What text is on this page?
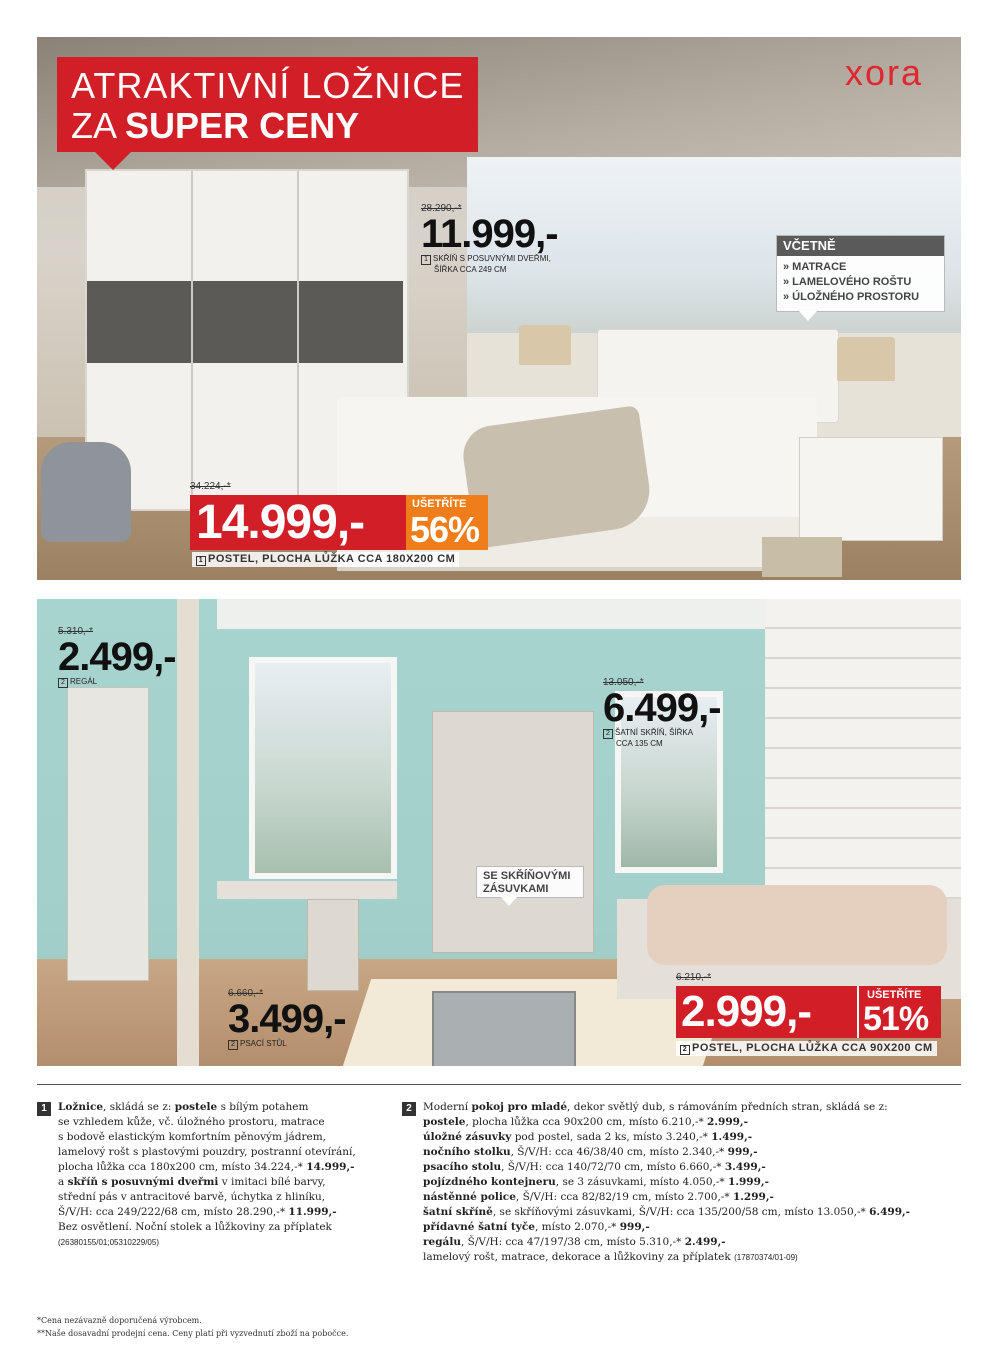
ATRAKTIVNÍ LOŽNICE
ZA SUPER CENY
xora
28.290,-*
11.999,-
1 SKŘÍŇ S POSUVNÝMI DVEŘMI,
ŠÍŘKA CCA 249 CM
VČETNĚ
» MATRACE
» LAMELOVÉHO ROŠTU
» ÚLOŽNÉHO PROSTORU
34.224,-*
14.999,-	UŠETŘÍTE
56%
1 POSTEL, PLOCHA LŮŽKA CCA 180X200 CM
5.310,-*
2.499,-
2 REGÁL	13.050,-*
6.499,-
2 ŠATNÍ SKŘÍŇ, ŠÍŘKA
CCA 135 CM
SE SKŘÍŇOVÝMI
ZÁSUVKAMI
6.660,-*
3.499,-
2 PSACÍ STŮL
6.210,-*
2.999,-	UŠETŘÍTE
51%
2 POSTEL, PLOCHA LŮŽKA CCA 90X200 CM
1	Ložnice, skládá se z: postele s bílým potahem
se vzhledem kůže, vč. úložného prostoru, matrace
s bodově elastickým komfortním pěnovým jádrem,
lamelový rošt s plastovými pouzdry, postranní otevírání,
plocha lůžka cca 180x200 cm, místo 34.224,-* 14.999,-
a skříň s posuvnými dveřmi v imitaci bílé barvy,
střední pás v antracitové barvě, úchytka z hliníku,
Š/V/H: cca 249/222/68 cm, místo 28.290,-* 11.999,-
Bez osvětlení. Noční stolek a lůžkoviny za příplatek
(26380155/01;05310229/05)
2	Moderní pokoj pro mladé, dekor světlý dub, s rámováním předních stran, skládá se z:
postele, plocha lůžka cca 90x200 cm, místo 6.210,-* 2.999,-
úložné zásuvky pod postel, sada 2 ks, místo 3.240,-* 1.499,-
nočního stolku, Š/V/H: cca 46/38/40 cm, místo 2.340,-* 999,-
psacího stolu, Š/V/H: cca 140/72/70 cm, místo 6.660,-* 3.499,-
pojízdného kontejneru, se 3 zásuvkami, místo 4.050,-* 1.999,-
nástěnné police, Š/V/H: cca 82/82/19 cm, místo 2.700,-* 1.299,-
šatní skříně, se skříňovými zásuvkami, Š/V/H: cca 135/200/58 cm, místo 13.050,-* 6.499,-
přídavné šatní tyče, místo 2.070,-* 999,-
regálu, Š/V/H: cca 47/197/38 cm, místo 5.310,-* 2.499,-
lamelový rošt, matrace, dekorace a lůžkoviny za příplatek (17870374/01-09)
*Cena nezávazně doporučená výrobcem.
**Naše dosavadní prodejní cena. Ceny platí při vyzvednutí zboží na pobočce.
